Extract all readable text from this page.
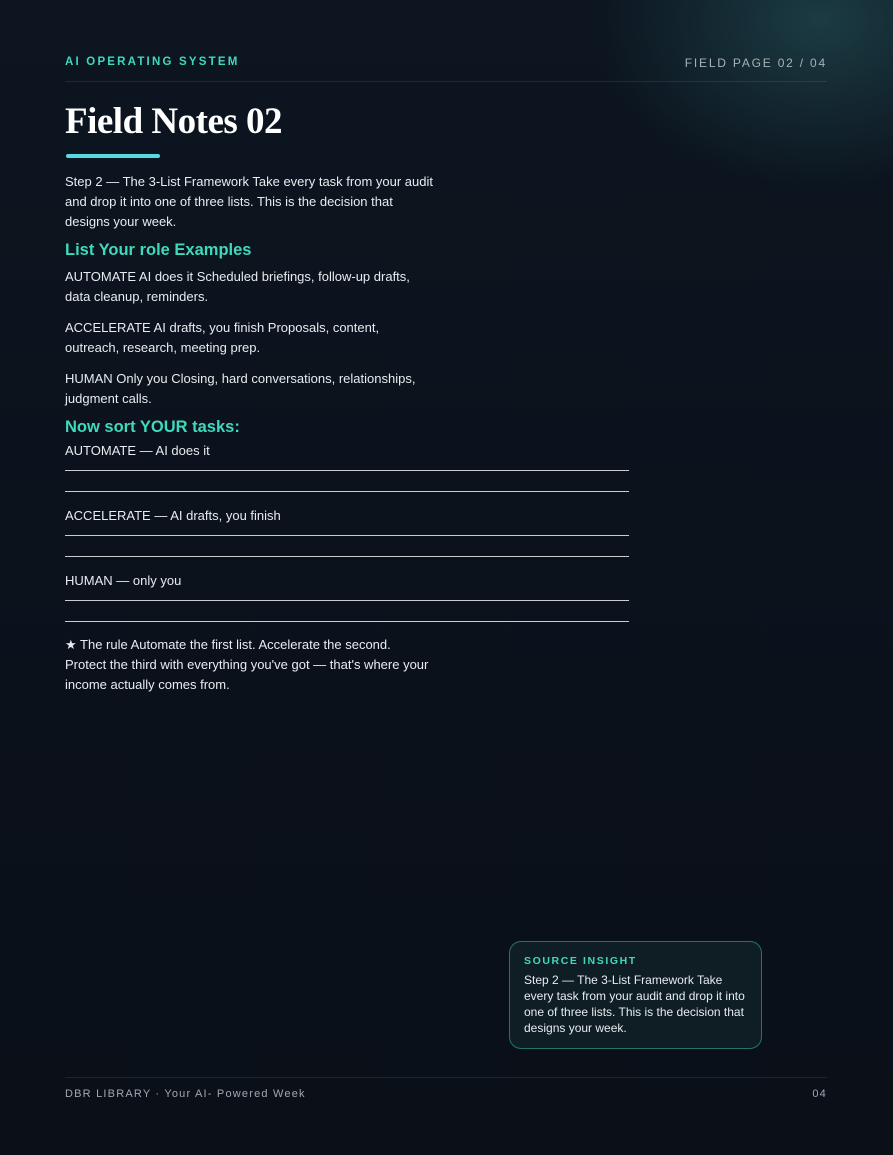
AI OPERATING SYSTEM	FIELD PAGE 02 / 04
Field Notes 02

Step 2 — The 3-List Framework Take every task from your audit and drop it into one of three lists. This is the decision that designs your week.

List Your role Examples

AUTOMATE AI does it Scheduled briefings, follow-up drafts, data cleanup, reminders.

ACCELERATE AI drafts, you finish Proposals, content, outreach, research, meeting prep.

HUMAN Only you Closing, hard conversations, relationships, judgment calls.

Now sort YOUR tasks:

AUTOMATE — AI does it

ACCELERATE — AI drafts, you finish

HUMAN — only you

★ The rule Automate the first list. Accelerate the second. Protect the third with everything you've got — that's where your income actually comes from.

SOURCE INSIGHT

Step 2 — The 3-List Framework Take every task from your audit and drop it into one of three lists. This is the decision that designs your week.

DBR LIBRARY · Your AI- Powered Week	04
